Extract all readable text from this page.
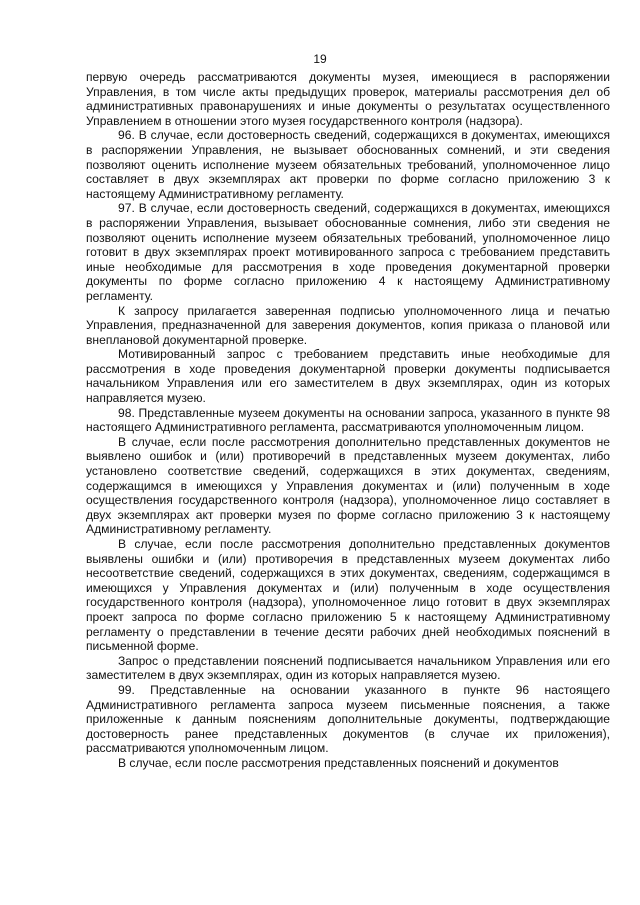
19

первую очередь рассматриваются документы музея, имеющиеся в распоряжении Управления, в том числе акты предыдущих проверок, материалы рассмотрения дел об административных правонарушениях и иные документы о результатах осуществленного Управлением в отношении этого музея государственного контроля (надзора).

96. В случае, если достоверность сведений, содержащихся в документах, имеющихся в распоряжении Управления, не вызывает обоснованных сомнений, и эти сведения позволяют оценить исполнение музеем обязательных требований, уполномоченное лицо составляет в двух экземплярах акт проверки по форме согласно приложению 3 к настоящему Административному регламенту.

97. В случае, если достоверность сведений, содержащихся в документах, имеющихся в распоряжении Управления, вызывает обоснованные сомнения, либо эти сведения не позволяют оценить исполнение музеем обязательных требований, уполномоченное лицо готовит в двух экземплярах проект мотивированного запроса с требованием представить иные необходимые для рассмотрения в ходе проведения документарной проверки документы по форме согласно приложению 4 к настоящему Административному регламенту.

К запросу прилагается заверенная подписью уполномоченного лица и печатью Управления, предназначенной для заверения документов, копия приказа о плановой или внеплановой документарной проверке.

Мотивированный запрос с требованием представить иные необходимые для рассмотрения в ходе проведения документарной проверки документы подписывается начальником Управления или его заместителем в двух экземплярах, один из которых направляется музею.

98. Представленные музеем документы на основании запроса, указанного в пункте 98 настоящего Административного регламента, рассматриваются уполномоченным лицом.

В случае, если после рассмотрения дополнительно представленных документов не выявлено ошибок и (или) противоречий в представленных музеем документах, либо установлено соответствие сведений, содержащихся в этих документах, сведениям, содержащимся в имеющихся у Управления документах и (или) полученным в ходе осуществления государственного контроля (надзора), уполномоченное лицо составляет в двух экземплярах акт проверки музея по форме согласно приложению 3 к настоящему Административному регламенту.

В случае, если после рассмотрения дополнительно представленных документов выявлены ошибки и (или) противоречия в представленных музеем документах либо несоответствие сведений, содержащихся в этих документах, сведениям, содержащимся в имеющихся у Управления документах и (или) полученным в ходе осуществления государственного контроля (надзора), уполномоченное лицо готовит в двух экземплярах проект запроса по форме согласно приложению 5 к настоящему Административному регламенту о представлении в течение десяти рабочих дней необходимых пояснений в письменной форме.

Запрос о представлении пояснений подписывается начальником Управления или его заместителем в двух экземплярах, один из которых направляется музею.

99. Представленные на основании указанного в пункте 96 настоящего Административного регламента запроса музеем письменные пояснения, а также приложенные к данным пояснениям дополнительные документы, подтверждающие достоверность ранее представленных документов (в случае их приложения), рассматриваются уполномоченным лицом.

В случае, если после рассмотрения представленных пояснений и документов
